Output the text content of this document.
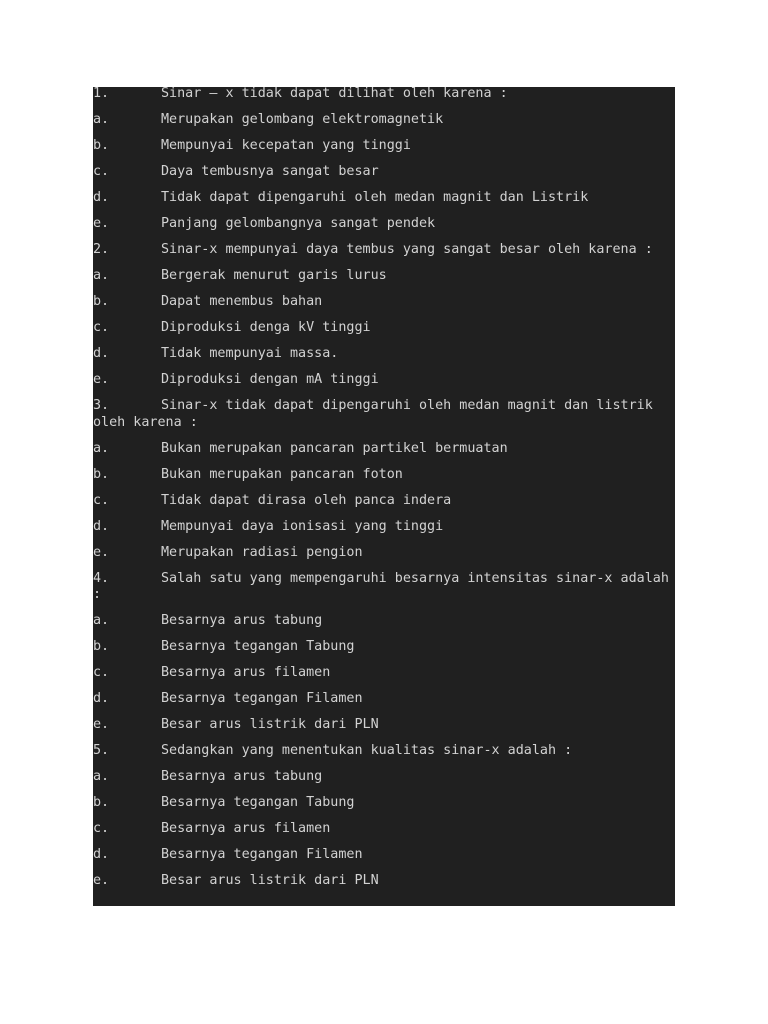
1.	Sinar – x tidak dapat dilihat oleh karena :
a.	Merupakan gelombang elektromagnetik
b.	Mempunyai kecepatan yang tinggi
c.	Daya tembusnya sangat besar
d.	Tidak dapat dipengaruhi oleh medan magnit dan Listrik
e.	Panjang gelombangnya sangat pendek
2.	Sinar-x mempunyai daya tembus yang sangat besar oleh karena :
a.	Bergerak menurut garis lurus
b.	Dapat menembus bahan
c.	Diproduksi denga kV tinggi
d.	Tidak mempunyai massa.
e.	Diproduksi dengan mA tinggi
3.	Sinar-x tidak dapat dipengaruhi oleh medan magnit dan listrik oleh karena :
a.	Bukan merupakan pancaran partikel bermuatan
b.	Bukan merupakan pancaran foton
c.	Tidak dapat dirasa oleh panca indera
d.	Mempunyai daya ionisasi yang tinggi
e.	Merupakan radiasi pengion
4.	Salah satu yang mempengaruhi besarnya intensitas sinar-x adalah :
a.	Besarnya arus tabung
b.	Besarnya tegangan Tabung
c.	Besarnya arus filamen
d.	Besarnya tegangan Filamen
e.	Besar arus listrik dari PLN
5.	Sedangkan yang menentukan kualitas sinar-x adalah :
a.	Besarnya arus tabung
b.	Besarnya tegangan Tabung
c.	Besarnya arus filamen
d.	Besarnya tegangan Filamen
e.	Besar arus listrik dari PLN
